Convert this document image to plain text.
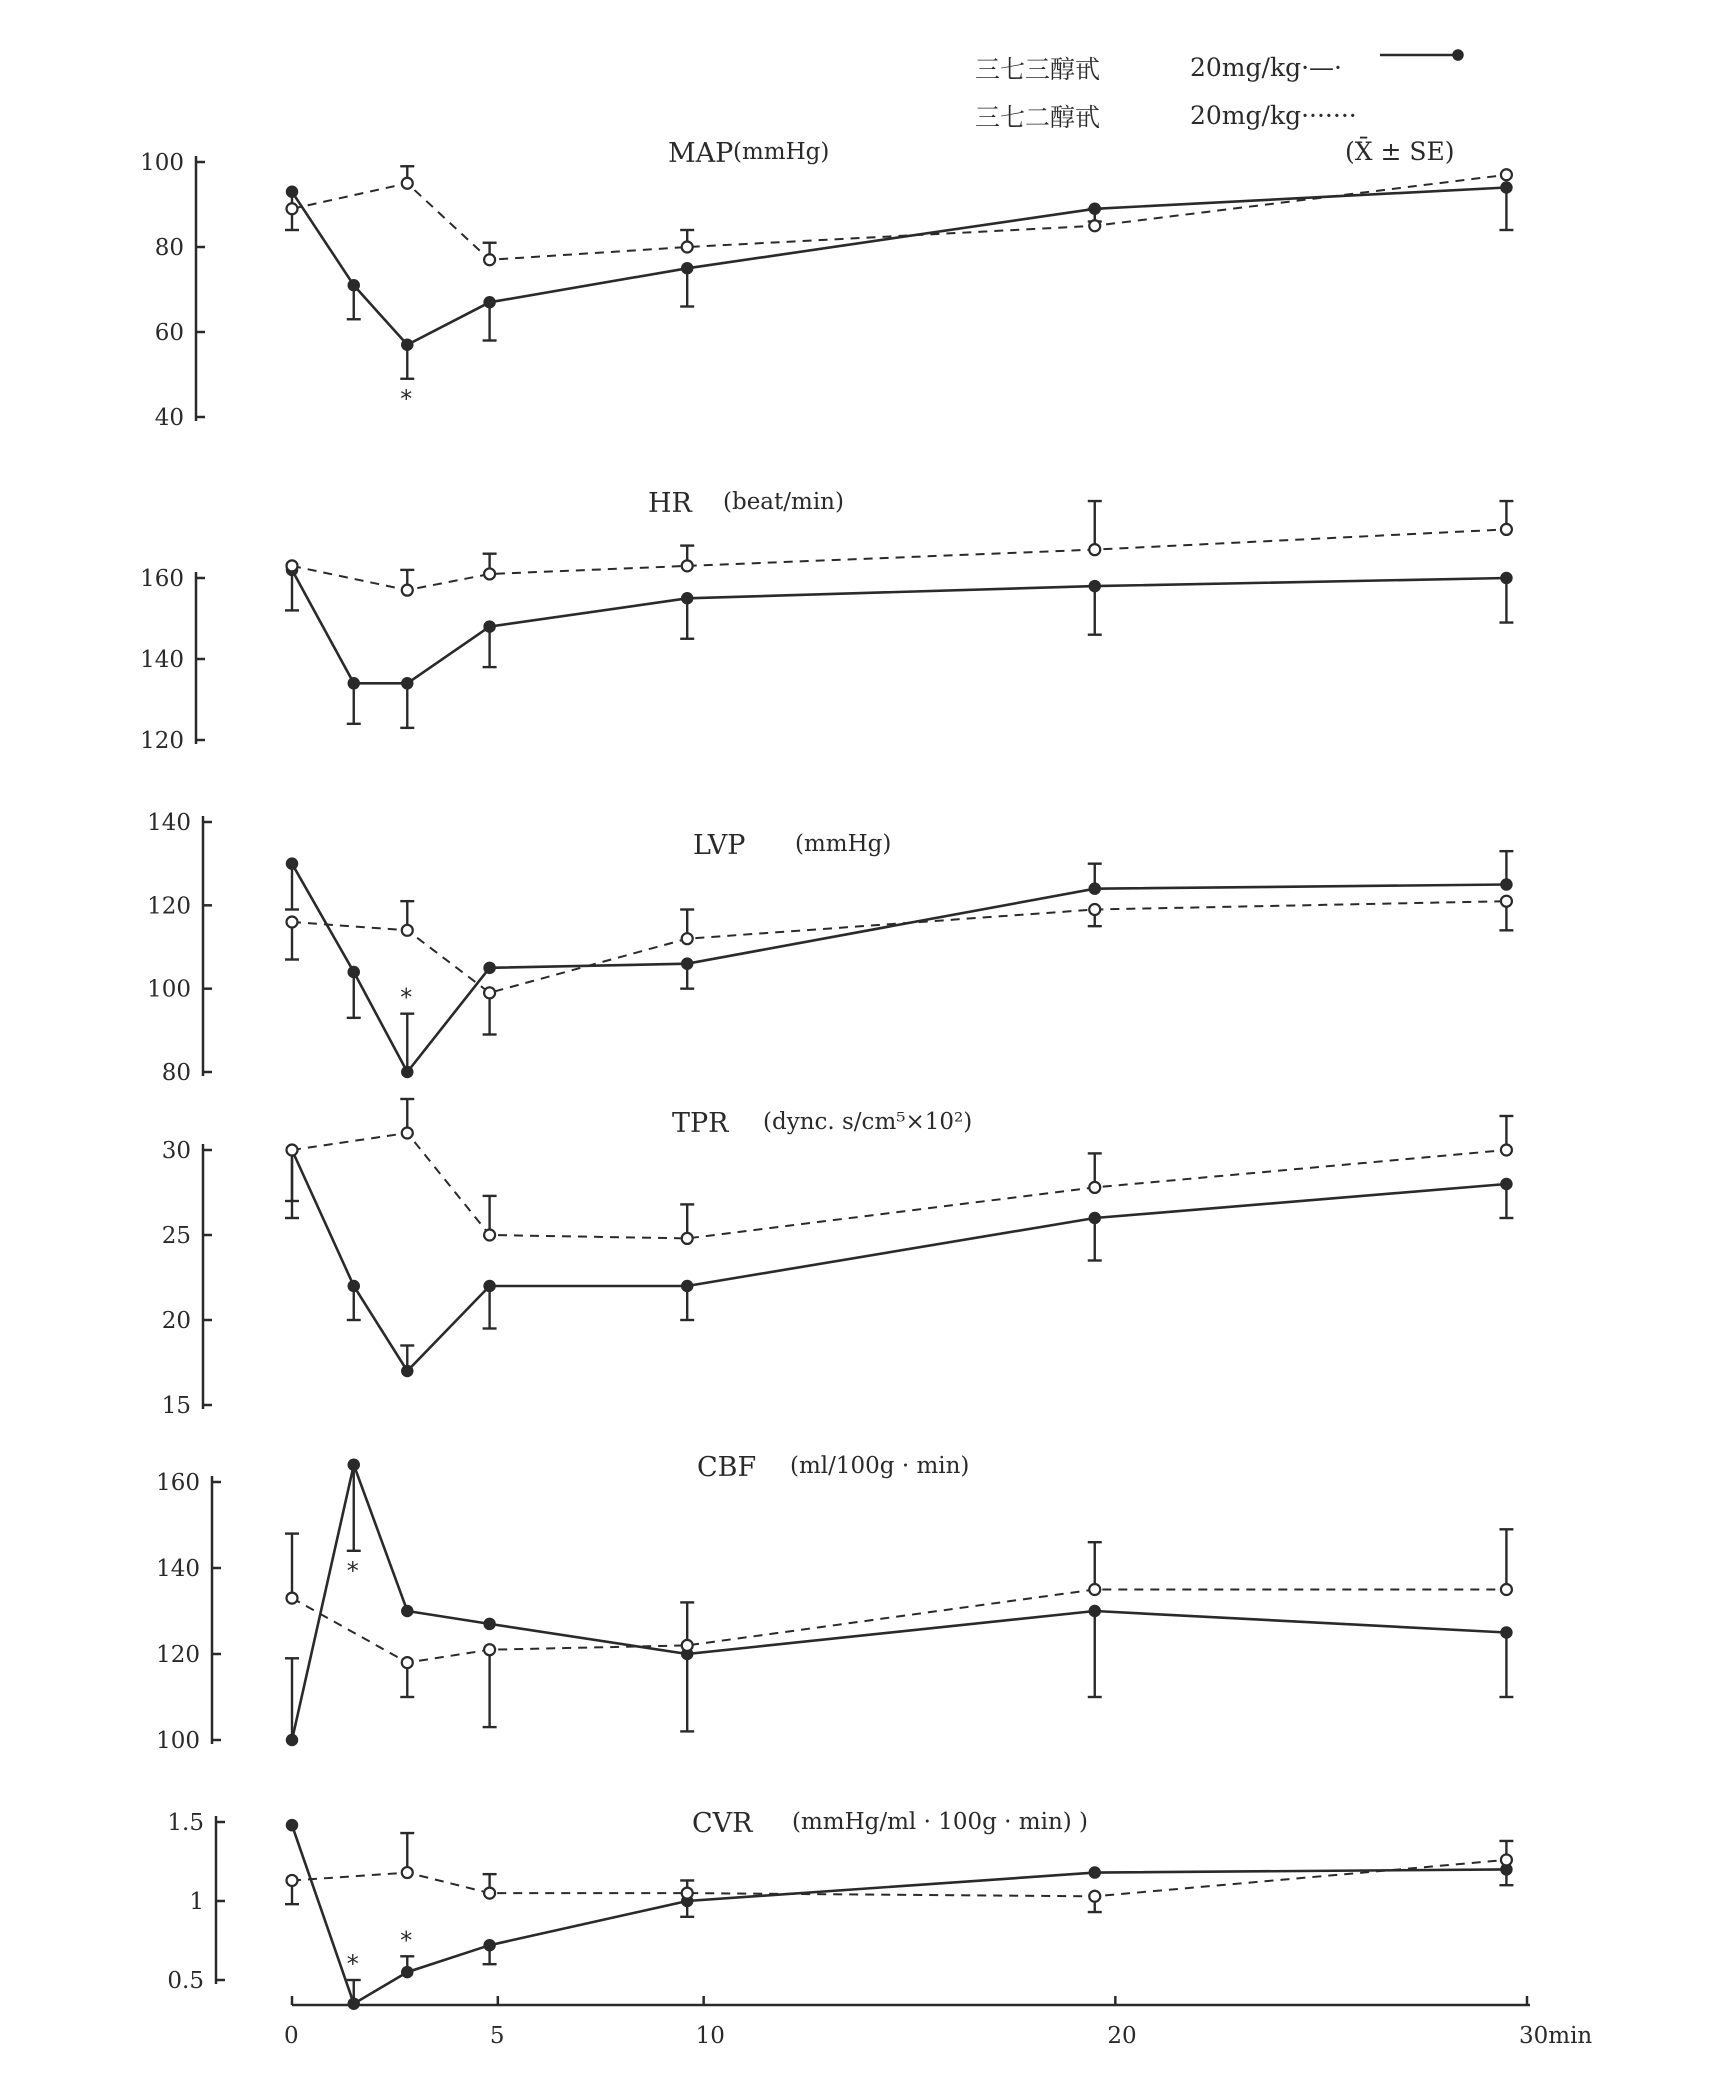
三七三醇甙	20mg/kg·—·
三七二醇甙	20mg/kg·······
(X̄ ± SE)
MAP (mmHg)
100
80
60
40
*
HR (beat/min)
160
140
120
LVP (mmHg)
140
120
100
80
*
TPR (dync. s/cm⁵×10²)
30
25
20
15
CBF (ml/100g · min)
160
140
120
100
*
CVR (mmHg/ml · 100g · min) )
1.5
1
0.5
*
*
0	5	10	20	30min
